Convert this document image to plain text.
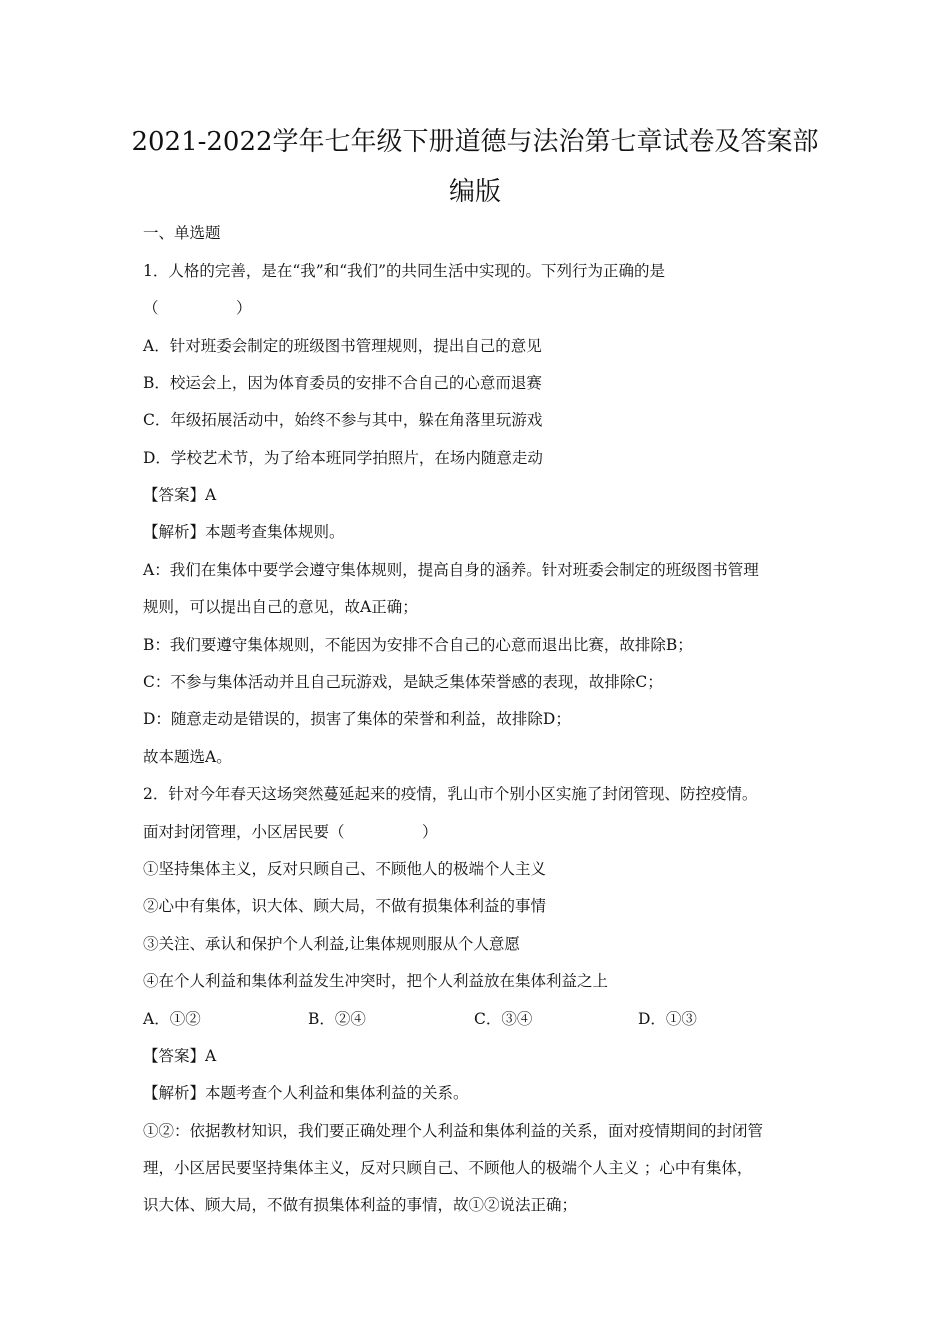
2021-2022学年七年级下册道德与法治第七章试卷及答案部
编版
一、单选题
1．人格的完善，是在“我”和“我们”的共同生活中实现的。下列行为正确的是
（　　　　　）
A．针对班委会制定的班级图书管理规则，提出自己的意见
B．校运会上，因为体育委员的安排不合自己的心意而退赛
C．年级拓展活动中，始终不参与其中，躲在角落里玩游戏
D．学校艺术节，为了给本班同学拍照片，在场内随意走动
【答案】A
【解析】本题考查集体规则。
A：我们在集体中要学会遵守集体规则，提高自身的涵养。针对班委会制定的班级图书管理
规则，可以提出自己的意见，故A正确；
B：我们要遵守集体规则，不能因为安排不合自己的心意而退出比赛，故排除B；
C：不参与集体活动并且自己玩游戏，是缺乏集体荣誉感的表现，故排除C；
D：随意走动是错误的，损害了集体的荣誉和利益，故排除D；
故本题选A。
2．针对今年春天这场突然蔓延起来的疫情，乳山市个别小区实施了封闭管现、防控疫情。
面对封闭管理，小区居民要（　　　　　）
①坚持集体主义，反对只顾自己、不顾他人的极端个人主义
②心中有集体，识大体、顾大局，不做有损集体利益的事情
③关注、承认和保护个人利益,让集体规则服从个人意愿
④在个人利益和集体利益发生冲突时，把个人利益放在集体利益之上
A．①②	B．②④	C．③④	D．①③
【答案】A
【解析】本题考查个人利益和集体利益的关系。
①②：依据教材知识，我们要正确处理个人利益和集体利益的关系，面对疫情期间的封闭管
理，小区居民要坚持集体主义，反对只顾自己、不顾他人的极端个人主义 ；心中有集体，
识大体、顾大局，不做有损集体利益的事情，故①②说法正确；
